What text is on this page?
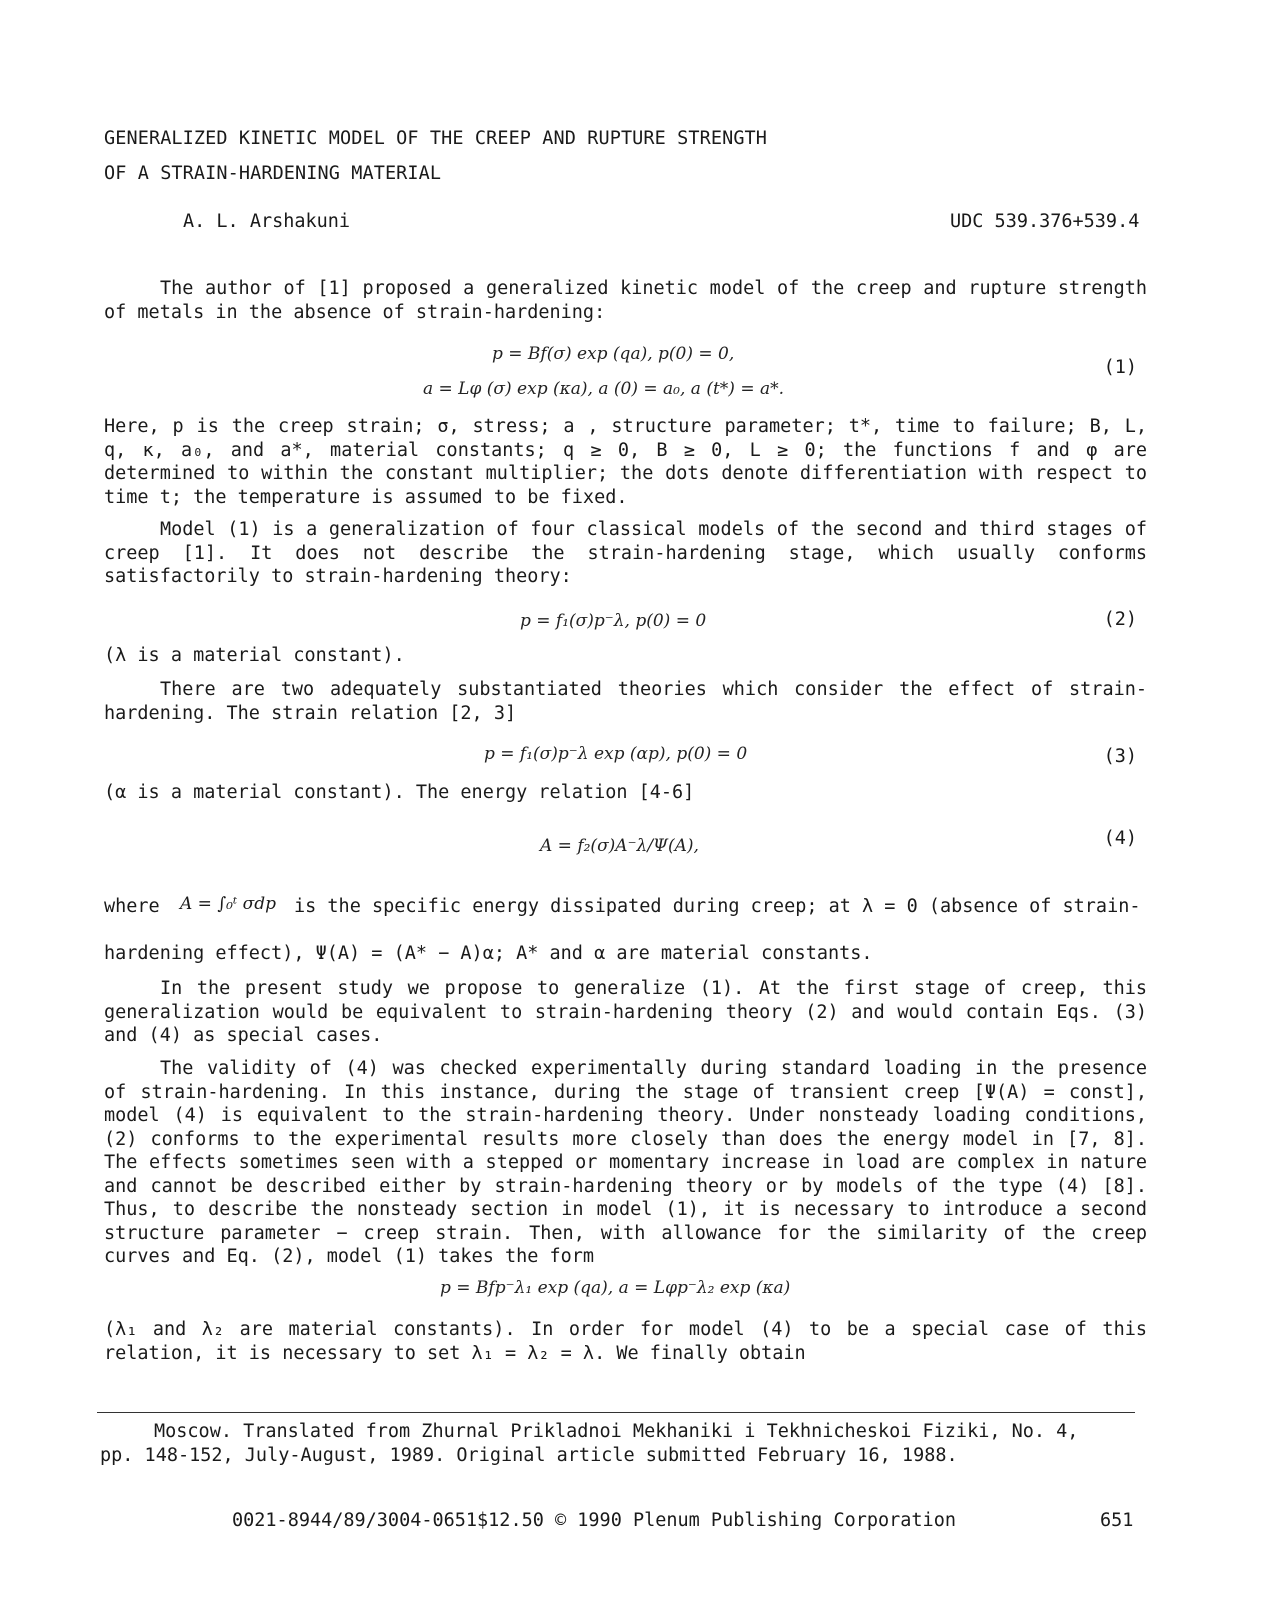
GENERALIZED KINETIC MODEL OF THE CREEP AND RUPTURE STRENGTH
OF A STRAIN-HARDENING MATERIAL
A. L. Arshakuni	UDC 539.376+539.4

The author of [1] proposed a generalized kinetic model of the creep and rupture strength of metals in the absence of strain-hardening:

p = Bf(σ) exp (qa), p(0) = 0,
a = Lφ (σ) exp (κa), a (0) = a₀, a (t*) = a*.
(1)

Here, p is the creep strain; σ, stress; a , structure parameter; t*, time to failure; B, L, q, κ, a₀, and a*, material constants; q ≥ 0, B ≥ 0, L ≥ 0; the functions f and φ are determined to within the constant multiplier; the dots denote differentiation with respect to time t; the temperature is assumed to be fixed.

Model (1) is a generalization of four classical models of the second and third stages of creep [1]. It does not describe the strain-hardening stage, which usually conforms satisfactorily to strain-hardening theory:

p = f₁(σ)p⁻λ, p(0) = 0	(2)

(λ is a material constant).

There are two adequately substantiated theories which consider the effect of strain-hardening. The strain relation [2, 3]

p = f₁(σ)p⁻λ exp (αp), p(0) = 0	(3)

(α is a material constant). The energy relation [4-6]

A = f₂(σ)A⁻λ/Ψ(A),	(4)
where A = ∫₀ᵗ σdp is the specific energy dissipated during creep; at λ = 0 (absence of strain-

hardening effect), Ψ(A) = (A* − A)α; A* and α are material constants.

In the present study we propose to generalize (1). At the first stage of creep, this generalization would be equivalent to strain-hardening theory (2) and would contain Eqs. (3) and (4) as special cases.

The validity of (4) was checked experimentally during standard loading in the presence of strain-hardening. In this instance, during the stage of transient creep [Ψ(A) = const], model (4) is equivalent to the strain-hardening theory. Under nonsteady loading conditions, (2) conforms to the experimental results more closely than does the energy model in [7, 8]. The effects sometimes seen with a stepped or momentary increase in load are complex in nature and cannot be described either by strain-hardening theory or by models of the type (4) [8]. Thus, to describe the nonsteady section in model (1), it is necessary to introduce a second structure parameter − creep strain. Then, with allowance for the similarity of the creep curves and Eq. (2), model (1) takes the form

p = Bfp⁻λ₁ exp (qa), a = Lφp⁻λ₂ exp (κa)

(λ₁ and λ₂ are material constants). In order for model (4) to be a special case of this relation, it is necessary to set λ₁ = λ₂ = λ. We finally obtain

Moscow. Translated from Zhurnal Prikladnoi Mekhaniki i Tekhnicheskoi Fiziki, No. 4,
pp. 148-152, July-August, 1989. Original article submitted February 16, 1988.
0021-8944/89/3004-0651$12.50 © 1990 Plenum Publishing Corporation	651
